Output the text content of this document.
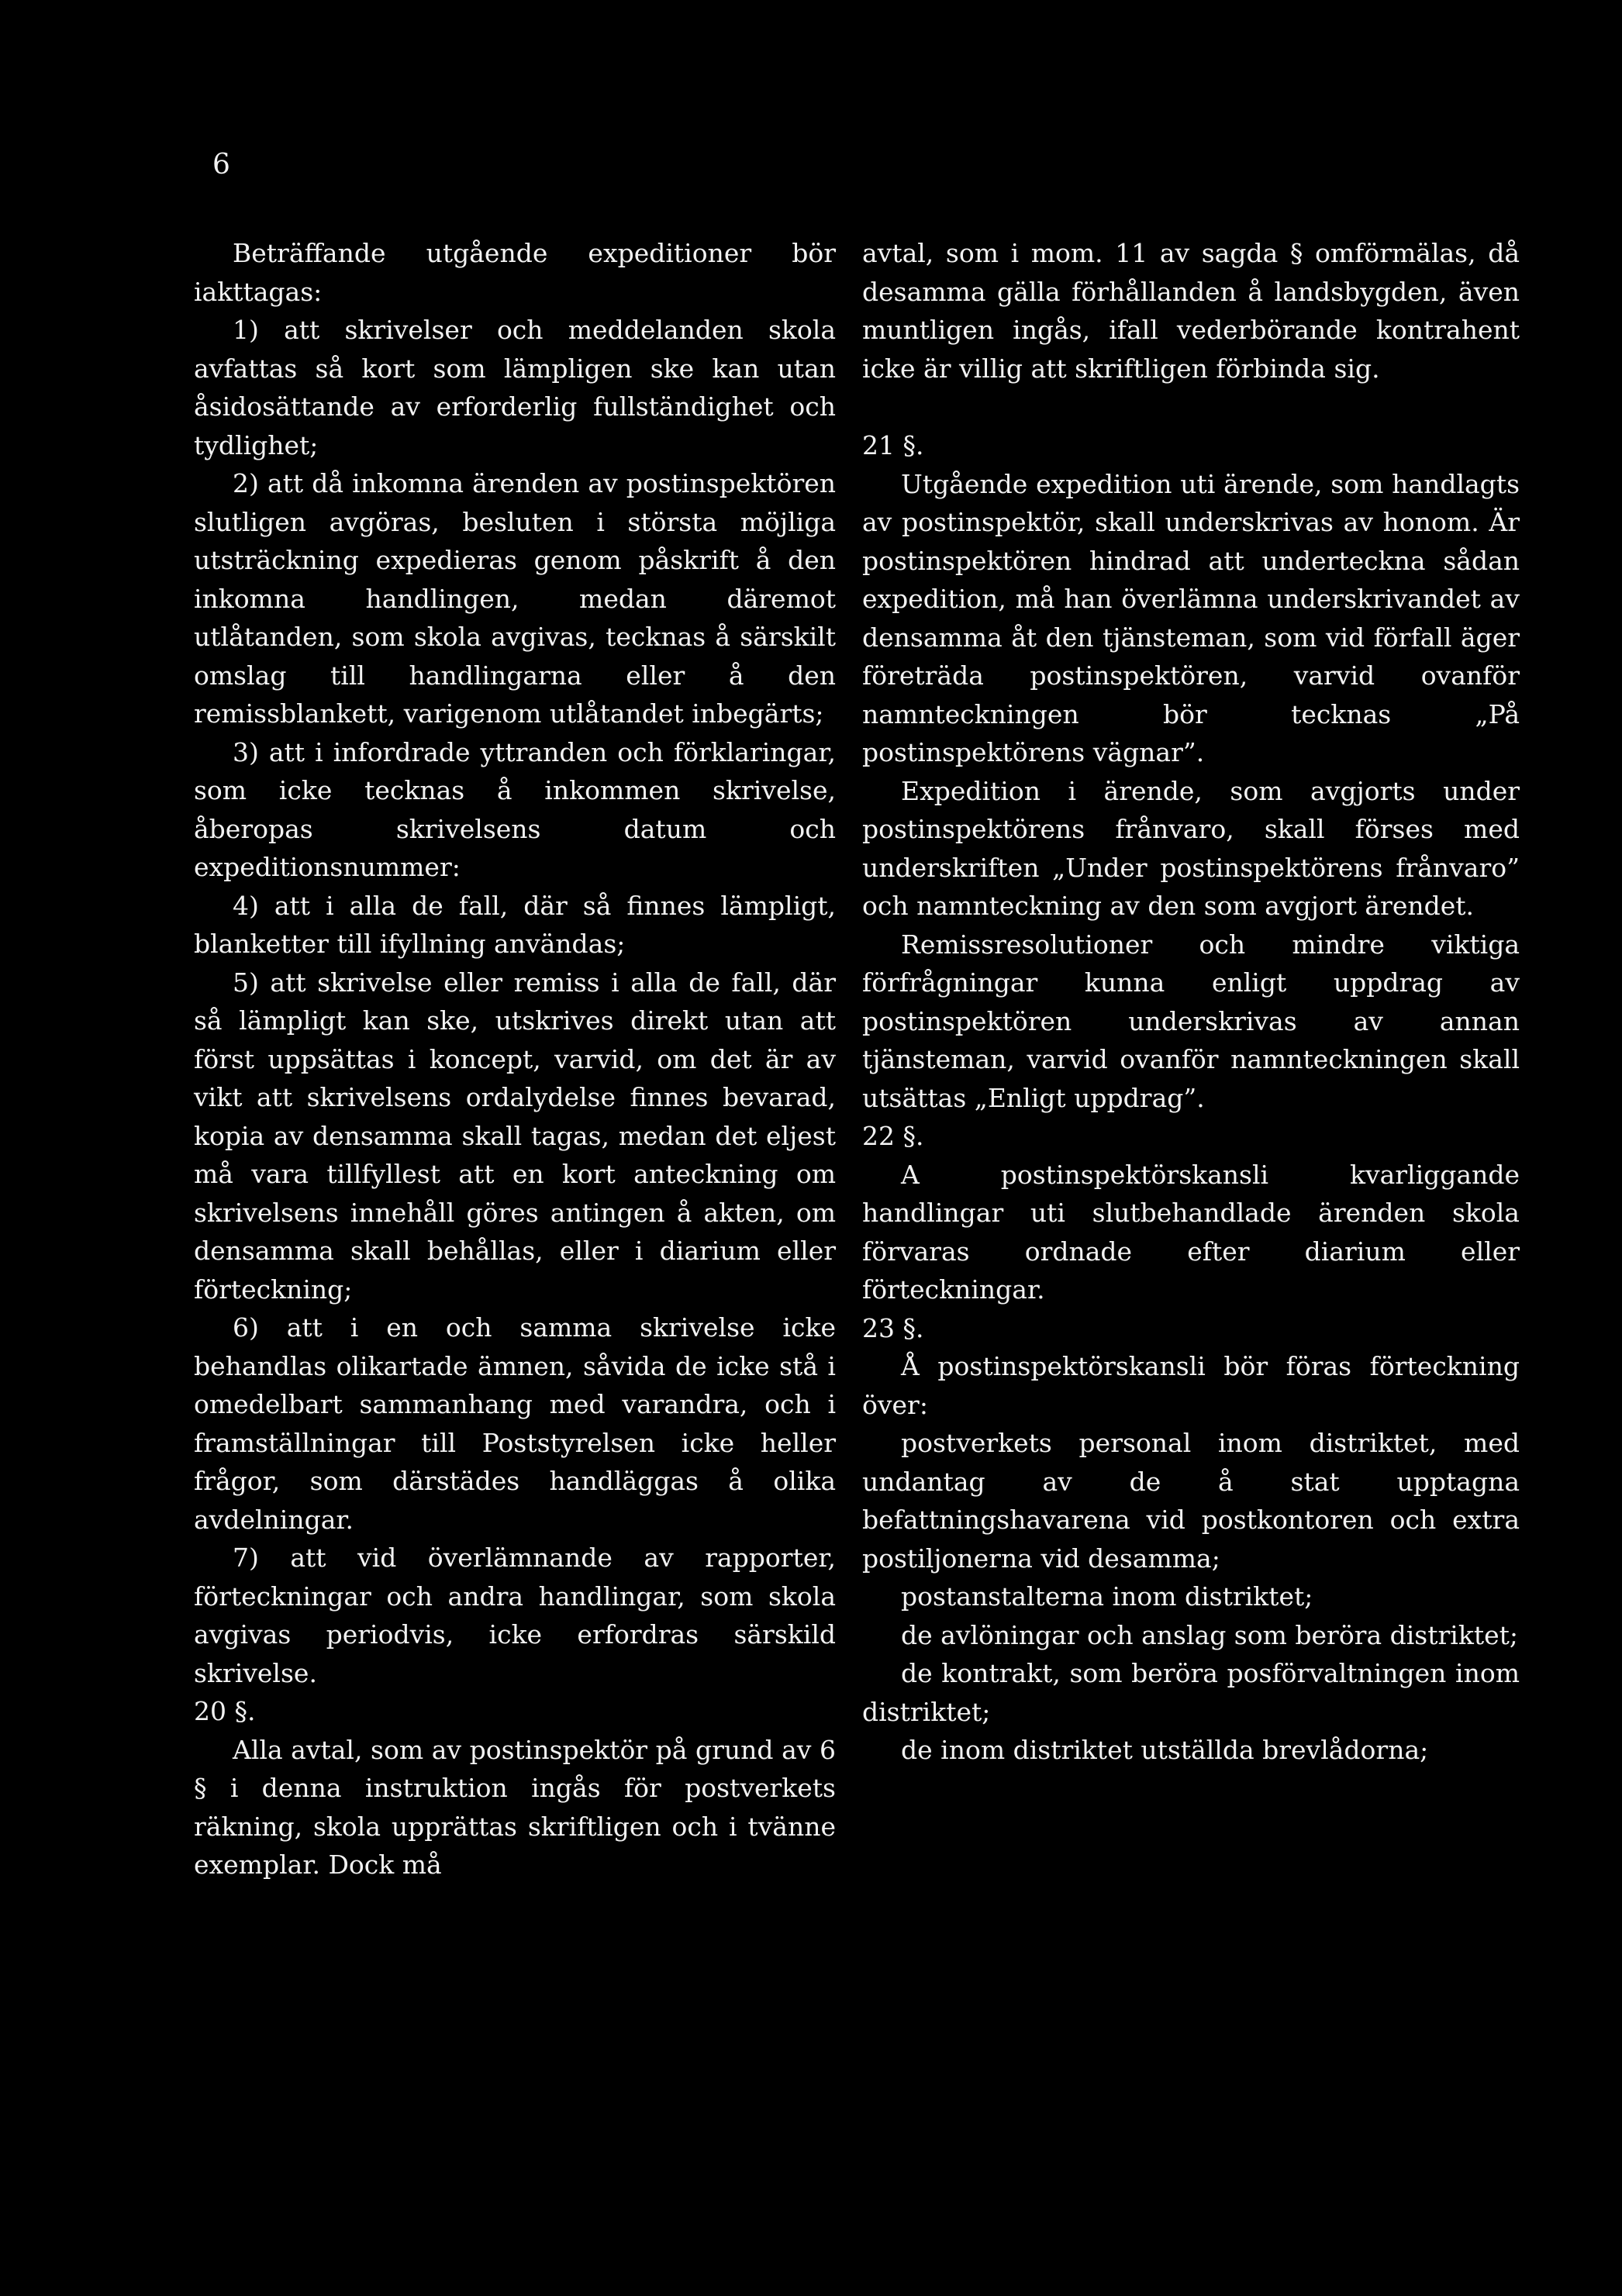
6

Beträffande utgående expeditioner bör iakttagas:

1) att skrivelser och meddelanden skola avfattas så kort som lämpligen ske kan utan åsidosättande av erforderlig fullständighet och tydlighet;

2) att då inkomna ärenden av postinspektören slutligen avgöras, besluten i största möjliga utsträckning expedieras genom påskrift å den inkomna handlingen, medan däremot utlåtanden, som skola avgivas, tecknas å särskilt omslag till handlingarna eller å den remissblankett, varigenom utlåtandet inbegärts;

3) att i infordrade yttranden och förklaringar, som icke tecknas å inkommen skrivelse, åberopas skrivelsens datum och expeditionsnummer:

4) att i alla de fall, där så finnes lämpligt, blanketter till ifyllning användas;

5) att skrivelse eller remiss i alla de fall, där så lämpligt kan ske, utskrives direkt utan att först uppsättas i koncept, varvid, om det är av vikt att skrivelsens ordalydelse finnes bevarad, kopia av densamma skall tagas, medan det eljest må vara tillfyllest att en kort anteckning om skrivelsens innehåll göres antingen å akten, om densamma skall behållas, eller i diarium eller förteckning;

6) att i en och samma skrivelse icke behandlas olikartade ämnen, såvida de icke stå i omedelbart sammanhang med varandra, och i framställningar till Poststyrelsen icke heller frågor, som därstädes handläggas å olika avdelningar.

7) att vid överlämnande av rapporter, förteckningar och andra handlingar, som skola avgivas periodvis, icke erfordras särskild skrivelse.

20 §.

Alla avtal, som av postinspektör på grund av 6 § i denna instruktion ingås för postverkets räkning, skola upprättas skriftligen och i tvänne exemplar. Dock må

avtal, som i mom. 11 av sagda § omförmälas, då desamma gälla förhållanden å landsbygden, även muntligen ingås, ifall vederbörande kontrahent icke är villig att skriftligen förbinda sig.

21 §.

Utgående expedition uti ärende, som handlagts av postinspektör, skall underskrivas av honom. Är postinspektören hindrad att underteckna sådan expedition, må han överlämna underskrivandet av densamma åt den tjänsteman, som vid förfall äger företräda postinspektören, varvid ovanför namnteckningen bör tecknas „På postinspektörens vägnar”.

Expedition i ärende, som avgjorts under postinspektörens frånvaro, skall förses med underskriften „Under postinspektörens frånvaro” och namnteckning av den som avgjort ärendet.

Remissresolutioner och mindre viktiga förfrågningar kunna enligt uppdrag av postinspektören underskrivas av annan tjänsteman, varvid ovanför namnteckningen skall utsättas „Enligt uppdrag”.

22 §.

A postinspektörskansli kvarliggande handlingar uti slutbehandlade ärenden skola förvaras ordnade efter diarium eller förteckningar.

23 §.

Å postinspektörskansli bör föras förteckning över:

postverkets personal inom distriktet, med undantag av de å stat upptagna befattningshavarena vid postkontoren och extra postiljonerna vid desamma;

postanstalterna inom distriktet;

de avlöningar och anslag som beröra distriktet;

de kontrakt, som beröra posförvaltningen inom distriktet;

de inom distriktet utställda brevlådorna;
